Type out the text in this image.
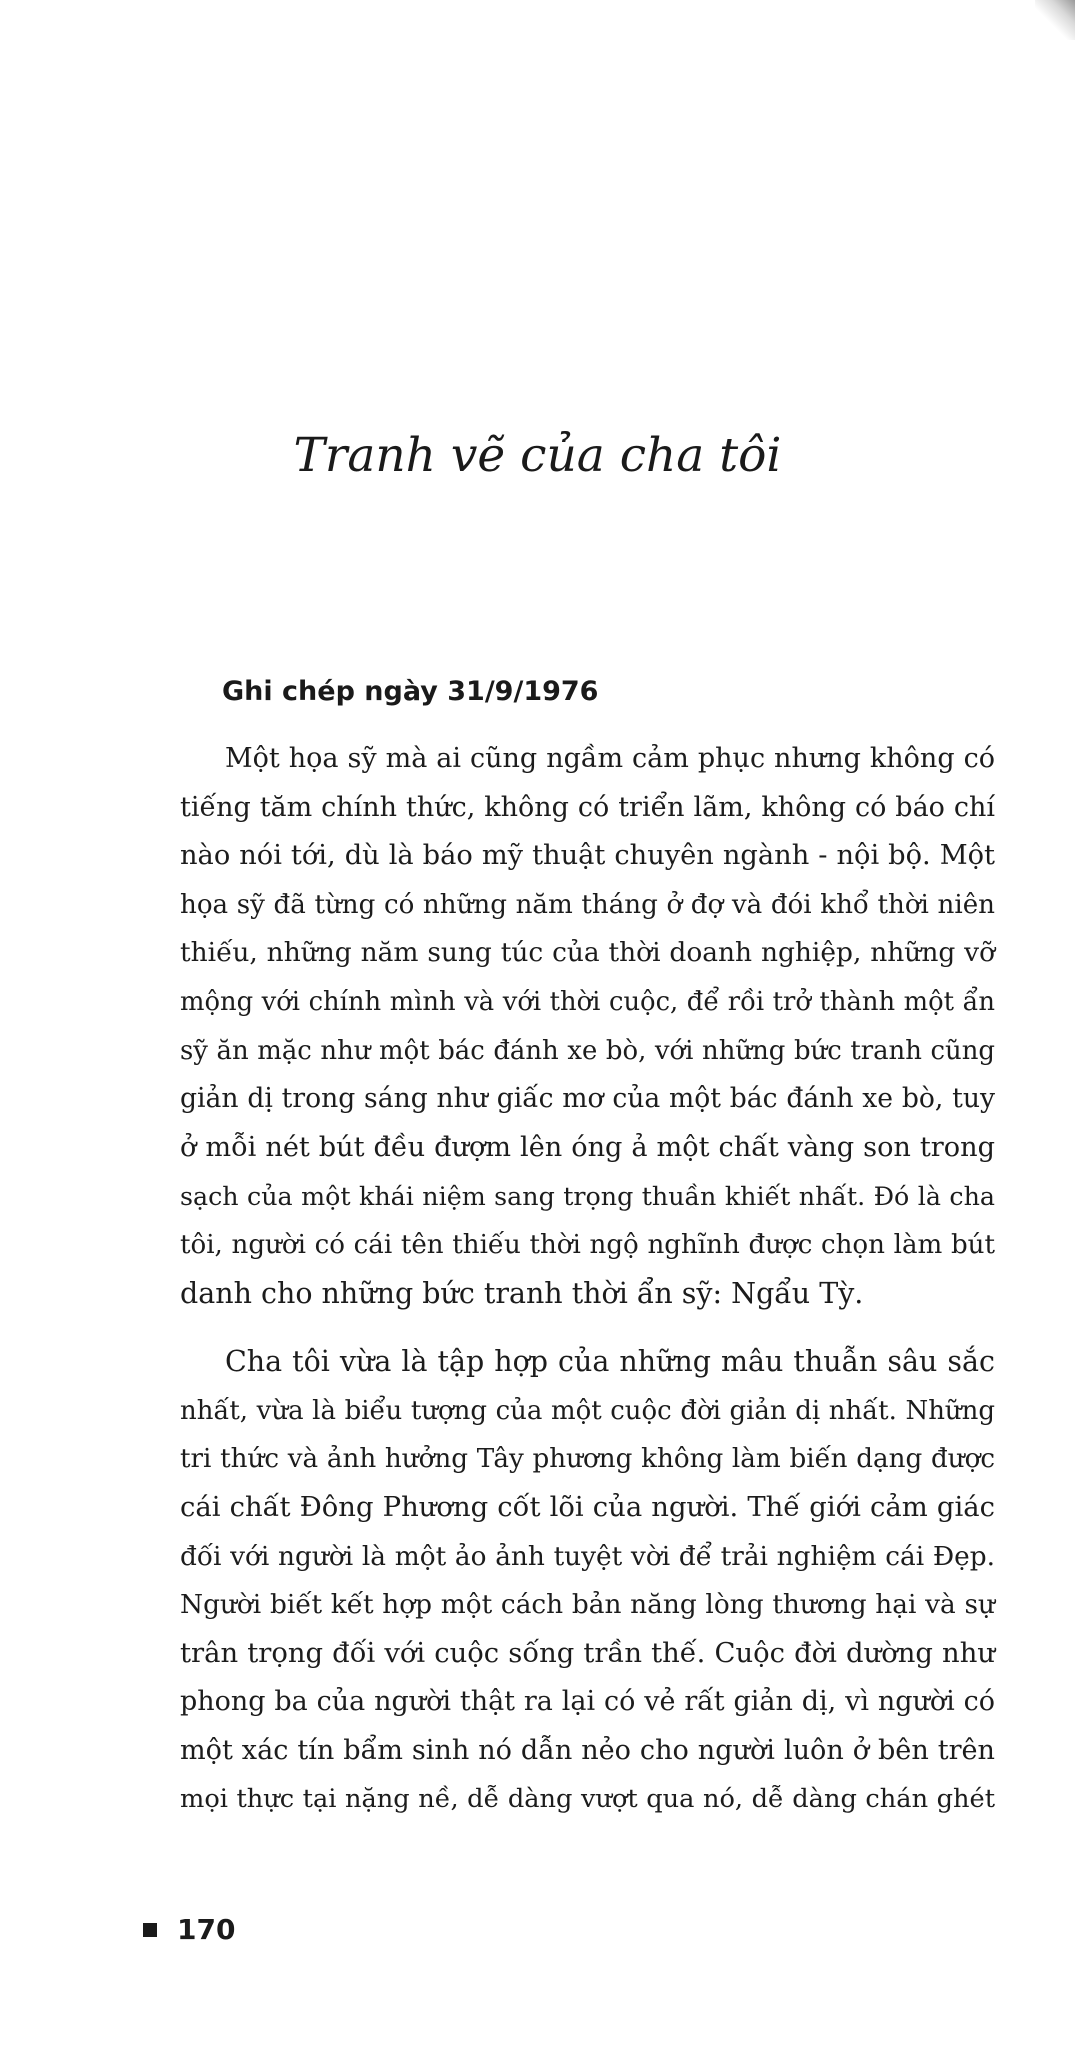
Tranh vẽ của cha tôi
Ghi chép ngày 31/9/1976
Một họa sỹ mà ai cũng ngầm cảm phục nhưng không có
tiếng tăm chính thức, không có triển lãm, không có báo chí
nào nói tới, dù là báo mỹ thuật chuyên ngành - nội bộ. Một
họa sỹ đã từng có những năm tháng ở đợ và đói khổ thời niên
thiếu, những năm sung túc của thời doanh nghiệp, những vỡ
mộng với chính mình và với thời cuộc, để rồi trở thành một ẩn
sỹ ăn mặc như một bác đánh xe bò, với những bức tranh cũng
giản dị trong sáng như giấc mơ của một bác đánh xe bò, tuy
ở mỗi nét bút đều đượm lên óng ả một chất vàng son trong
sạch của một khái niệm sang trọng thuần khiết nhất. Đó là cha
tôi, người có cái tên thiếu thời ngộ nghĩnh được chọn làm bút
danh cho những bức tranh thời ẩn sỹ: Ngẩu Tỳ.
Cha tôi vừa là tập hợp của những mâu thuẫn sâu sắc
nhất, vừa là biểu tượng của một cuộc đời giản dị nhất. Những
tri thức và ảnh hưởng Tây phương không làm biến dạng được
cái chất Đông Phương cốt lõi của người. Thế giới cảm giác
đối với người là một ảo ảnh tuyệt vời để trải nghiệm cái Đẹp.
Người biết kết hợp một cách bản năng lòng thương hại và sự
trân trọng đối với cuộc sống trần thế. Cuộc đời dường như
phong ba của người thật ra lại có vẻ rất giản dị, vì người có
một xác tín bẩm sinh nó dẫn nẻo cho người luôn ở bên trên
mọi thực tại nặng nề, dễ dàng vượt qua nó, dễ dàng chán ghét
170
